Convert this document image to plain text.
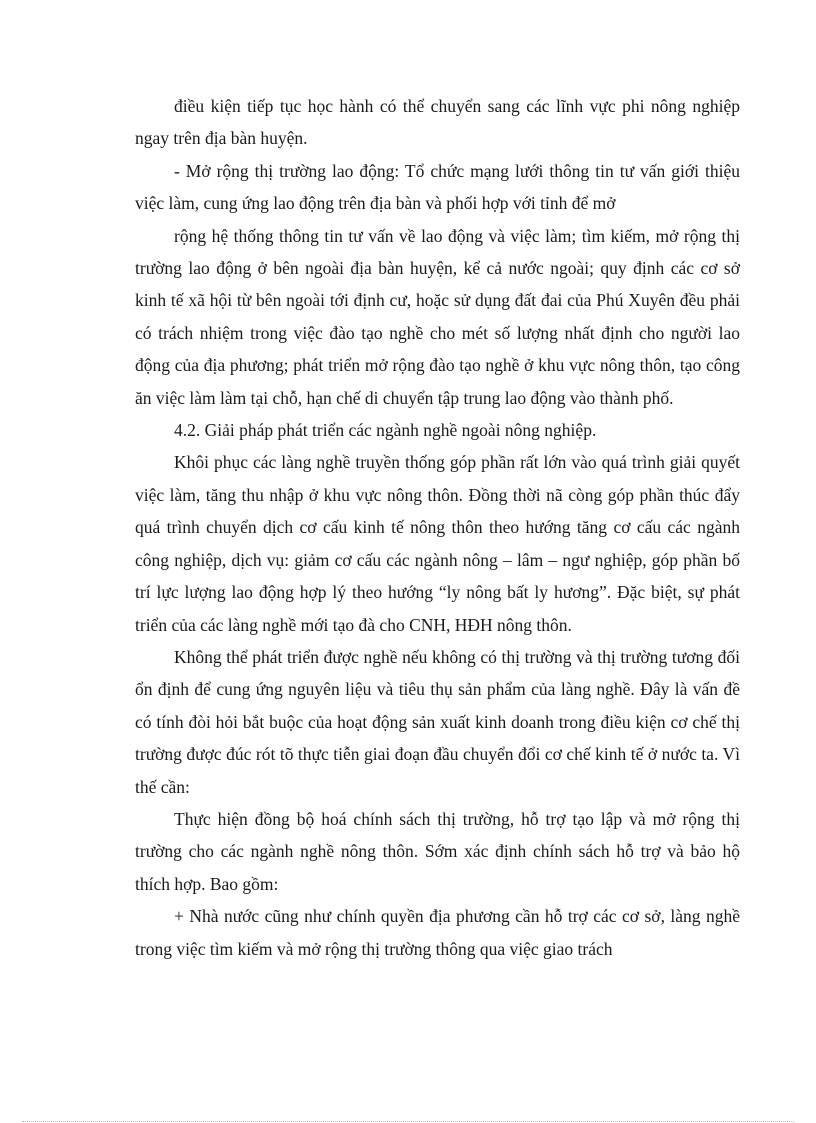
điều kiện tiếp tục học hành có thể chuyển sang các lĩnh vực phi nông nghiệp ngay trên địa bàn huyện.

- Mở rộng thị trường lao động: Tổ chức mạng lưới thông tin tư vấn giới thiệu việc làm, cung ứng lao động trên địa bàn và phối hợp với tỉnh để mở

rộng hệ thống thông tin tư vấn về lao động và việc làm; tìm kiếm, mở rộng thị trường lao động ở bên ngoài địa bàn huyện, kể cả nước ngoài; quy định các cơ sở kinh tế xã hội từ bên ngoài tới định cư, hoặc sử dụng đất đai của Phú Xuyên đều phải có trách nhiệm trong việc đào tạo nghề cho mét số lượng nhất định cho người lao động của địa phương; phát triển mở rộng đào tạo nghề ở khu vực nông thôn, tạo công ăn việc làm làm tại chỗ, hạn chế di chuyển tập trung lao động vào thành phố.

4.2. Giải pháp phát triển các ngành nghề ngoài nông nghiệp.

Khôi phục các làng nghề truyền thống góp phần rất lớn vào quá trình giải quyết việc làm, tăng thu nhập ở khu vực nông thôn. Đồng thời nã còng góp phần thúc đẩy quá trình chuyển dịch cơ cấu kinh tế nông thôn theo hướng tăng cơ cấu các ngành công nghiệp, dịch vụ: giảm cơ cấu các ngành nông – lâm – ngư nghiệp, góp phần bố trí lực lượng lao động hợp lý theo hướng “ly nông bất ly hương”. Đặc biệt, sự phát triển của các làng nghề mới tạo đà cho CNH, HĐH nông thôn.

Không thể phát triển được nghề nếu không có thị trường và thị trường tương đối ổn định để cung ứng nguyên liệu và tiêu thụ sản phẩm của làng nghề. Đây là vấn đề có tính đòi hỏi bắt buộc của hoạt động sản xuất kinh doanh trong điều kiện cơ chế thị trường được đúc rót tõ thực tiễn giai đoạn đầu chuyển đổi cơ chế kinh tế ở nước ta. Vì thế cần:

Thực hiện đồng bộ hoá chính sách thị trường, hỗ trợ tạo lập và mở rộng thị trường cho các ngành nghề nông thôn. Sớm xác định chính sách hỗ trợ và bảo hộ thích hợp. Bao gồm:

+ Nhà nước cũng như chính quyền địa phương cần hỗ trợ các cơ sở, làng nghề trong việc tìm kiếm và mở rộng thị trường thông qua việc giao trách
